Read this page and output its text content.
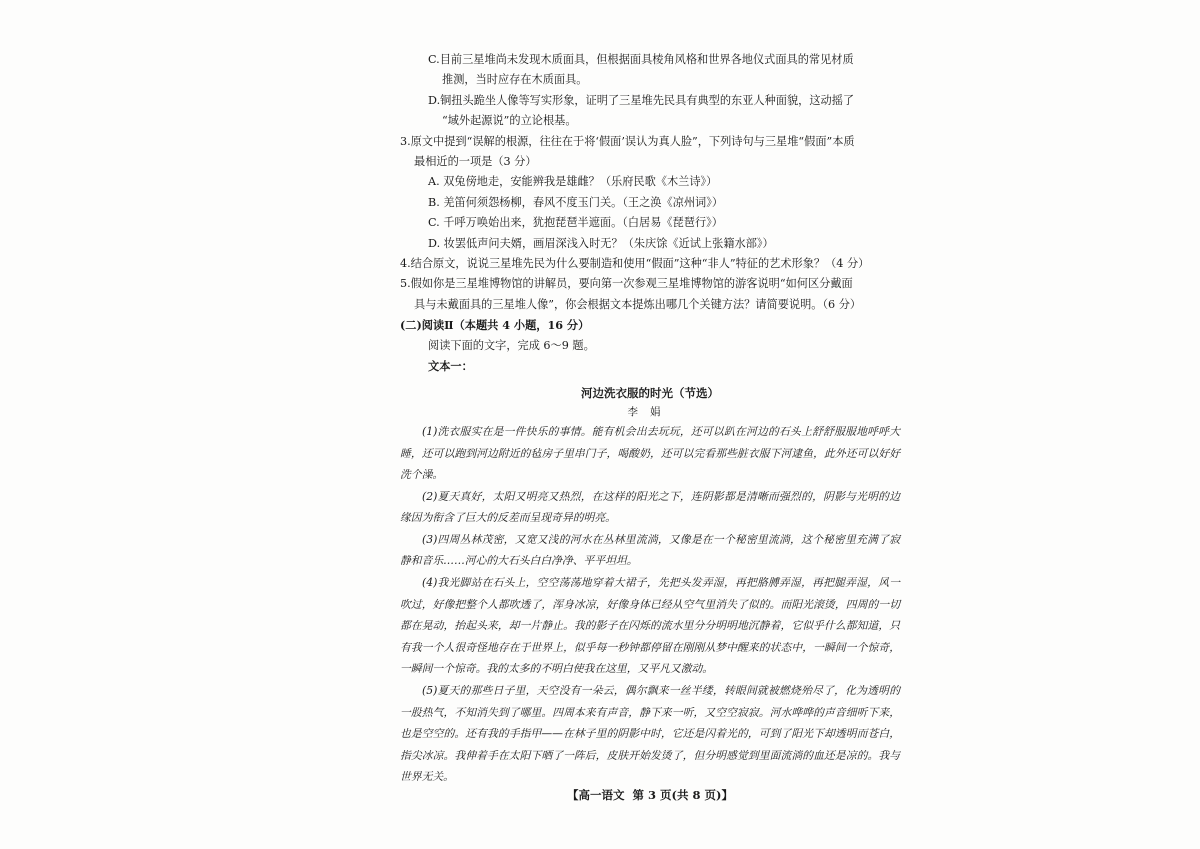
C.目前三星堆尚未发现木质面具，但根据面具棱角风格和世界各地仪式面具的常见材质
推测，当时应存在木质面具。
D.铜扭头跪坐人像等写实形象，证明了三星堆先民具有典型的东亚人种面貌，这动摇了
“域外起源说”的立论根基。
3.原文中提到“误解的根源，往往在于将‘假面’误认为真人脸”，下列诗句与三星堆“假面”本质
最相近的一项是（3 分）
A. 双兔傍地走，安能辨我是雄雌？（乐府民歌《木兰诗》）
B. 羌笛何须怨杨柳，春风不度玉门关。（王之涣《凉州词》）
C. 千呼万唤始出来，犹抱琵琶半遮面。（白居易《琵琶行》）
D. 妆罢低声问夫婿，画眉深浅入时无？（朱庆馀《近试上张籍水部》）
4.结合原文，说说三星堆先民为什么要制造和使用“假面”这种“非人”特征的艺术形象？（4 分）
5.假如你是三星堆博物馆的讲解员，要向第一次参观三星堆博物馆的游客说明“如何区分戴面
具与未戴面具的三星堆人像”，你会根据文本提炼出哪几个关键方法？请简要说明。（6 分）
(二)阅读Ⅱ（本题共 4 小题，16 分）
阅读下面的文字，完成 6～9 题。
文本一：
河边洗衣服的时光（节选）
李娟

(1)洗衣服实在是一件快乐的事情。能有机会出去玩玩，还可以趴在河边的石头上舒舒服服地呼呼大睡，还可以跑到河边附近的毡房子里串门子，喝酸奶，还可以完看那些脏衣服下河逮鱼，此外还可以好好洗个澡。

(2)夏天真好，太阳又明亮又热烈，在这样的阳光之下，连阴影都是清晰而强烈的，阴影与光明的边缘因为衔含了巨大的反差而呈现奇异的明亮。

(3)四周丛林茂密，又宽又浅的河水在丛林里流淌，又像是在一个秘密里流淌，这个秘密里充满了寂静和音乐……河心的大石头白白净净、平平坦坦。

(4)我光脚站在石头上，空空荡荡地穿着大裙子，先把头发弄湿，再把胳膊弄湿，再把腿弄湿，风一吹过，好像把整个人都吹透了，浑身冰凉，好像身体已经从空气里消失了似的。而阳光滚烫，四周的一切都在晃动，抬起头来，却一片静止。我的影子在闪烁的流水里分分明明地沉静着，它似乎什么都知道，只有我一个人很奇怪地存在于世界上，似乎每一秒钟都停留在刚刚从梦中醒来的状态中，一瞬间一个惊奇，一瞬间一个惊奇。我的太多的不明白使我在这里，又平凡又激动。

(5)夏天的那些日子里，天空没有一朵云，偶尔飘来一丝半缕，转眼间就被燃烧殆尽了，化为透明的一股热气，不知消失到了哪里。四周本来有声音，静下来一听，又空空寂寂。河水哗哗的声音细听下来，也是空空的。还有我的手指甲——在林子里的阴影中时，它还是闪着光的，可到了阳光下却透明而苍白，指尖冰凉。我伸着手在太阳下晒了一阵后，皮肤开始发烫了，但分明感觉到里面流淌的血还是凉的。我与世界无关。

【高一语文 第 3 页(共 8 页)】
